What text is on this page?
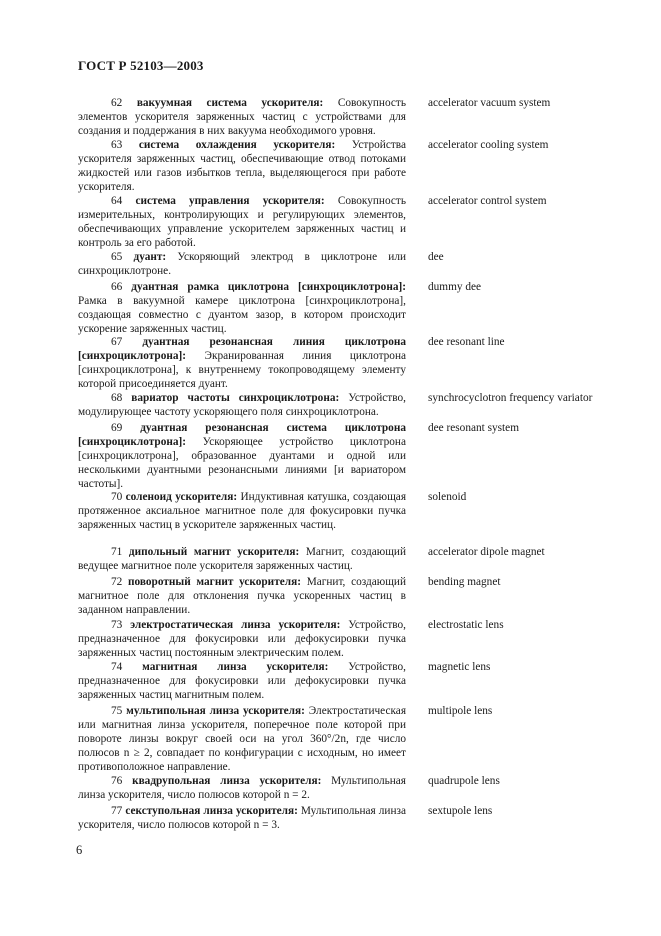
ГОСТ Р 52103—2003

62 вакуумная система ускорителя: Совокупность элементов ускорителя заряженных частиц с устройствами для создания и поддержания в них вакуума необходимого уровня.

accelerator vacuum system

63 система охлаждения ускорителя: Устройства ускорителя заряженных частиц, обеспечивающие отвод потоками жидкостей или газов избытков тепла, выделяющегося при работе ускорителя.

accelerator cooling system

64 система управления ускорителя: Совокупность измерительных, контролирующих и регулирующих элементов, обеспечивающих управление ускорителем заряженных частиц и контроль за его работой.

accelerator control system

65 дуант: Ускоряющий электрод в циклотроне или синхроциклотроне.

dee

66 дуантная рамка циклотрона [синхроциклотрона]: Рамка в вакуумной камере циклотрона [синхроциклотрона], создающая совместно с дуантом зазор, в котором происходит ускорение заряженных частиц.

dummy dee

67 дуантная резонансная линия циклотрона [синхроциклотрона]: Экранированная линия циклотрона [синхроциклотрона], к внутреннему токопроводящему элементу которой присоединяется дуант.

dee resonant line

68 вариатор частоты синхроциклотрона: Устройство, модулирующее частоту ускоряющего поля синхроциклотрона.

synchrocyclotron frequency variator

69 дуантная резонансная система циклотрона [синхроциклотрона]: Ускоряющее устройство циклотрона [синхроциклотрона], образованное дуантами и одной или несколькими дуантными резонансными линиями [и вариатором частоты].

dee resonant system

70 соленоид ускорителя: Индуктивная катушка, создающая протяженное аксиальное магнитное поле для фокусировки пучка заряженных частиц в ускорителе заряженных частиц.

solenoid

71 дипольный магнит ускорителя: Магнит, создающий ведущее магнитное поле ускорителя заряженных частиц.

accelerator dipole magnet

72 поворотный магнит ускорителя: Магнит, создающий магнитное поле для отклонения пучка ускоренных частиц в заданном направлении.

bending magnet

73 электростатическая линза ускорителя: Устройство, предназначенное для фокусировки или дефокусировки пучка заряженных частиц постоянным электрическим полем.

electrostatic lens

74 магнитная линза ускорителя: Устройство, предназначенное для фокусировки или дефокусировки пучка заряженных частиц магнитным полем.

magnetic lens

75 мультипольная линза ускорителя: Электростатическая или магнитная линза ускорителя, поперечное поле которой при повороте линзы вокруг своей оси на угол 360°/2n, где число полюсов n ≥ 2, совпадает по конфигурации с исходным, но имеет противоположное направление.

multipole lens

76 квадрупольная линза ускорителя: Мультипольная линза ускорителя, число полюсов которой n = 2.

quadrupole lens

77 секступольная линза ускорителя: Мультипольная линза ускорителя, число полюсов которой n = 3.

sextupole lens
6
